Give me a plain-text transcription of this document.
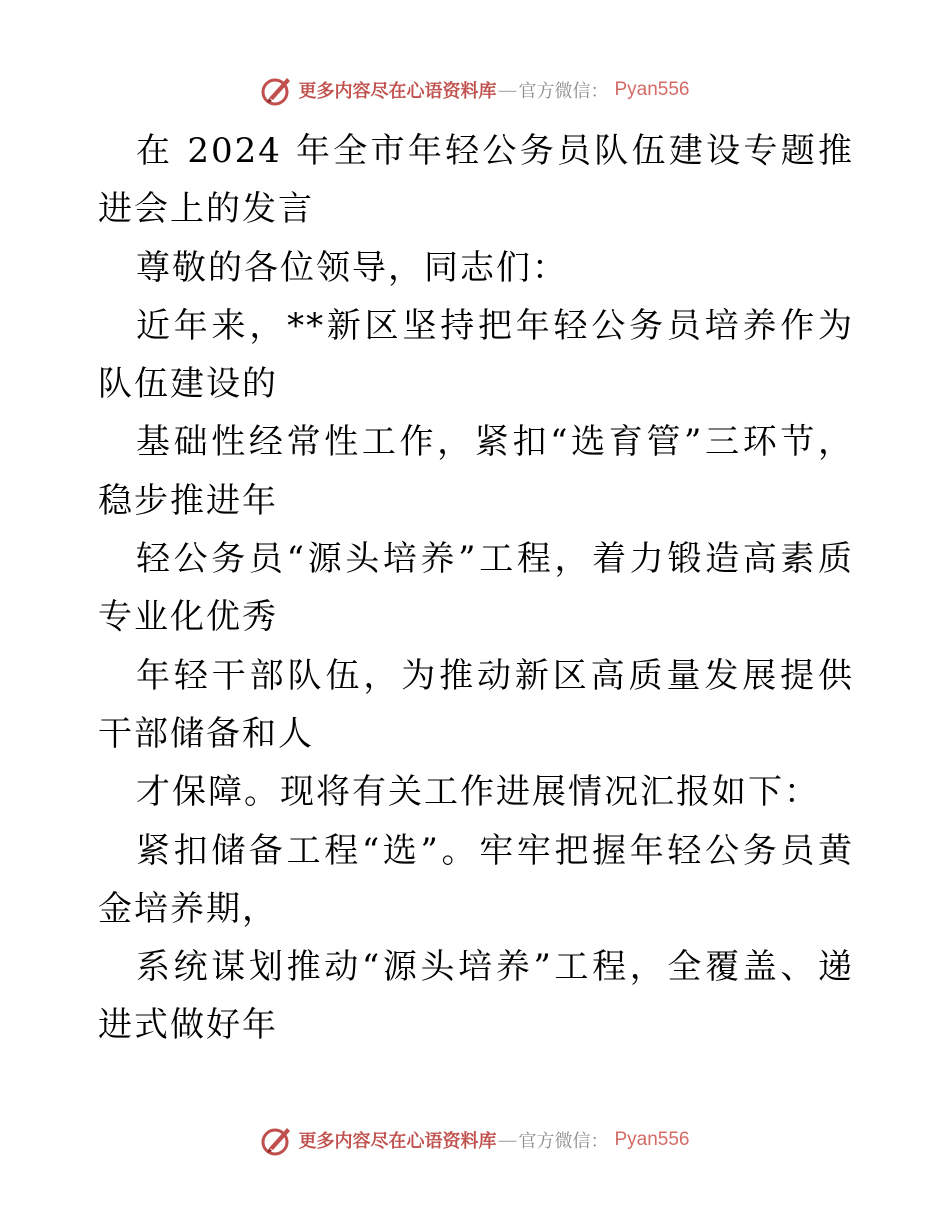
更多内容尽在心语资料库 — 官方微信： Pyan556

在 2024 年全市年轻公务员队伍建设专题推进会上的发言

尊敬的各位领导，同志们：

近年来，**新区坚持把年轻公务员培养作为队伍建设的

基础性经常性工作，紧扣“选育管”三环节，稳步推进年

轻公务员“源头培养”工程，着力锻造高素质专业化优秀

年轻干部队伍，为推动新区高质量发展提供干部储备和人

才保障。现将有关工作进展情况汇报如下：

紧扣储备工程“选”。牢牢把握年轻公务员黄金培养期，

系统谋划推动“源头培养”工程，全覆盖、递进式做好年

更多内容尽在心语资料库 — 官方微信： Pyan556
